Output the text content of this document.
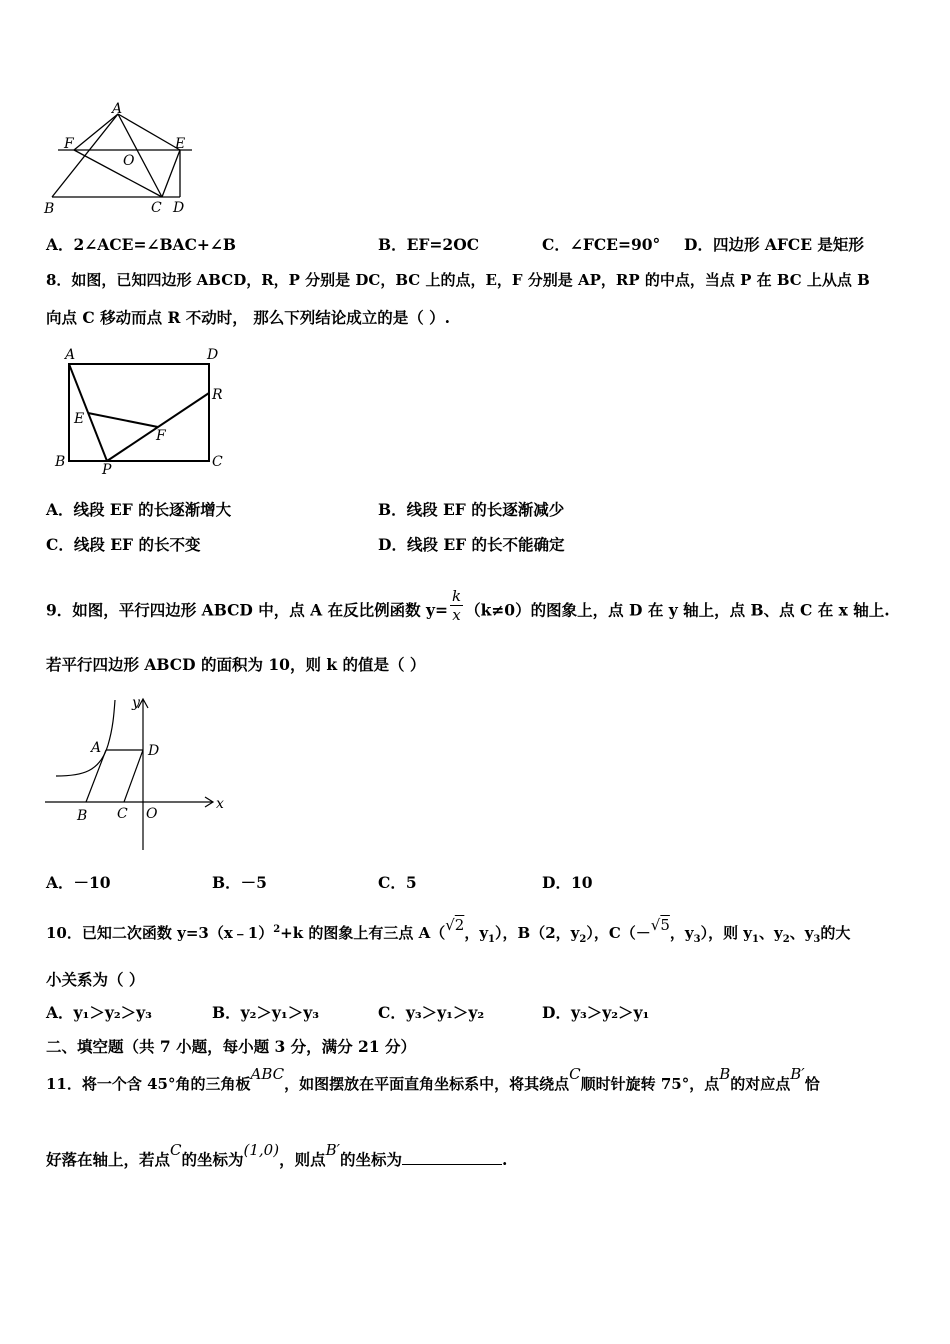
A
F	E
O
B	C D
A．2∠ACE=∠BAC+∠B	B．EF=2OC	C．∠FCE=90° D．四边形 AFCE 是矩形
8．如图，已知四边形 ABCD，R，P 分别是 DC，BC 上的点，E，F 分别是 AP，RP 的中点，当点 P 在 BC 上从点 B
向点 C 移动而点 R 不动时， 那么下列结论成立的是（ ）.
A	D
R
E
F
B	P	C
A．线段 EF 的长逐渐增大	B．线段 EF 的长逐渐减少
C．线段 EF 的长不变	D．线段 EF 的长不能确定
9．如图，平行四边形 ABCD 中，点 A 在反比例函数 $y= \frac{k}{x} (k\ne 0)$的图象上，点 D 在 y 轴上，点 B、点 C 在 x 轴上.
若平行四边形 ABCD 的面积为 10，则 k 的值是（ ）
y
A	D
B C O
x
A．－10	B．－5	C．5	D．10
10．已知二次函数 y=3（x﹣1）$^2$+k 的图象上有三点 A（√2，$y_1$），B（2，$y_2$），C（－√5，$y_3$），则 $y_1$、$y_2$、$y_3$的大
小关系为（ ）
A．y₁＞y₂＞y₃	B．y₂＞y₁＞y₃	C．y₃＞y₁＞y₂	D．y₃＞y₂＞y₁
二、填空题（共 7 小题，每小题 3 分，满分 21 分）
11．将一个含 45°角的三角板ABC，如图摆放在平面直角坐标系中，将其绕点C顺时针旋转 75°，点B的对应点B′恰
好落在轴上，若点C的坐标为(1,0)，则点B′的坐标为	.
